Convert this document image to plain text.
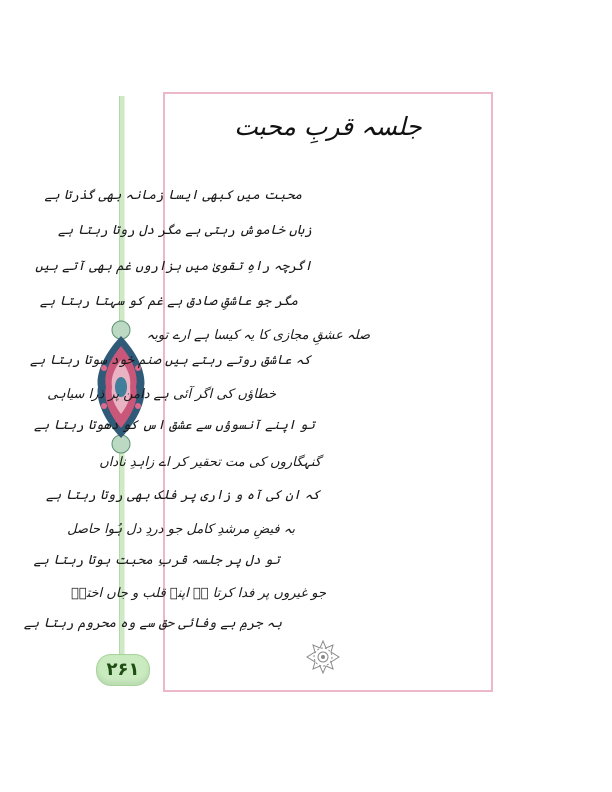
۲۶۱
جلسہ قربِ محبت
محبت میں کبھی ایسا زمانہ بھی گذرتا ہے
زباں خاموش رہتی ہے مگر دل روتا رہتا ہے
اگرچہ راہِ تقویٰ میں ہزاروں غم بھی آتے ہیں
مگر جو عاشقِ صادق ہے غم کو سہتا رہتا ہے
صلہ عشقِ مجازی کا یہ کیسا ہے ارے توبہ
کہ عاشق روتے رہتے ہیں صنم خود سوتا رہتا ہے
خطاؤں کی اگر آئی ہے دامن پر ذرا سیاہی
تو اپنے آنسوؤں سے عشق اس کو دھوتا رہتا ہے
گنہگاروں کی مت تحقیر کر اے زاہدِ ناداں
کہ ان کی آہ و زاری پر فلک بھی روتا رہتا ہے
بہ فیضِ مرشدِ کامل جو دردِ دل ہُوا حاصل
تو دل پر جلسہ قربِ محبت ہوتا رہتا ہے
جو غیروں پر فدا کرتا ہے اپنے قلب و جاں اخترؔ
بہ جرمِ بے وفائی حق سے وہ محروم رہتا ہے
